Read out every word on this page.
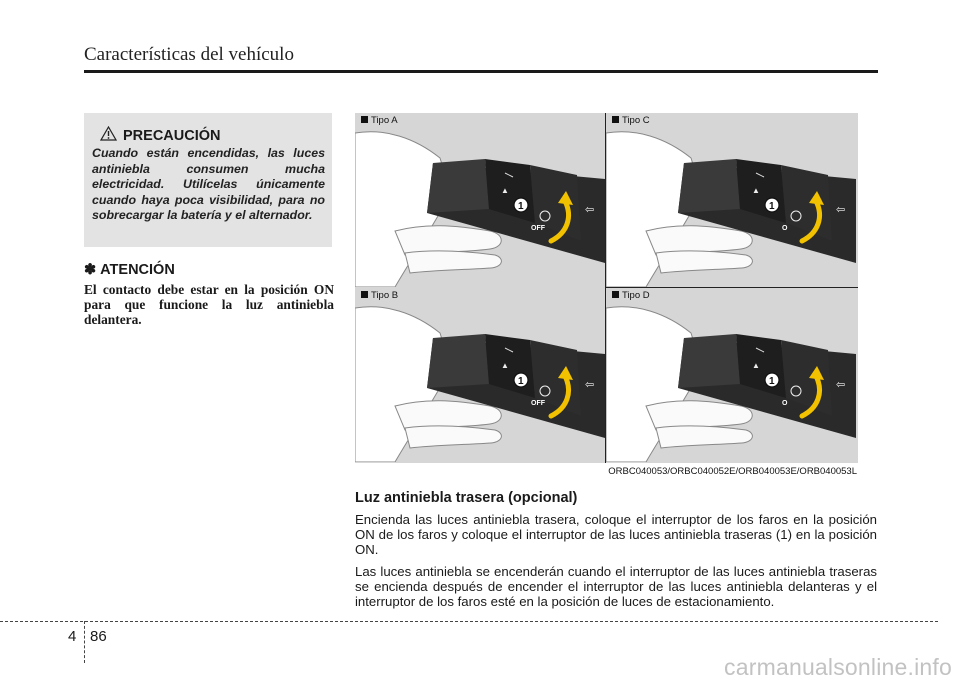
Características del vehículo
PRECAUCIÓN
Cuando están encendidas, las luces antiniebla consumen mucha electricidad. Utilícelas únicamente cuando haya poca visibilidad, para no sobrecargar la batería y el alternador.
✽ ATENCIÓN
El contacto debe estar en la posición ON para que funcione la luz antiniebla delantera.
▲
⇦
OFF
1
Tipo A
▲
⇦
O
1
Tipo C
▲
⇦
OFF
1
Tipo B
▲
⇦
O
1
Tipo D
ORBC040053/ORBC040052E/ORB040053E/ORB040053L
Luz antiniebla trasera (opcional)

Encienda las luces antiniebla trasera, coloque el interruptor de los faros en la posición ON de los faros y coloque el interruptor de las luces antiniebla traseras (1) en la posición ON.

Las luces antiniebla se encenderán cuando el interruptor de las luces antiniebla traseras se encienda después de encender el interruptor de las luces antiniebla delanteras y el interruptor de los faros esté en la posición de luces de estacionamiento.

4 86
carmanualsonline.info
